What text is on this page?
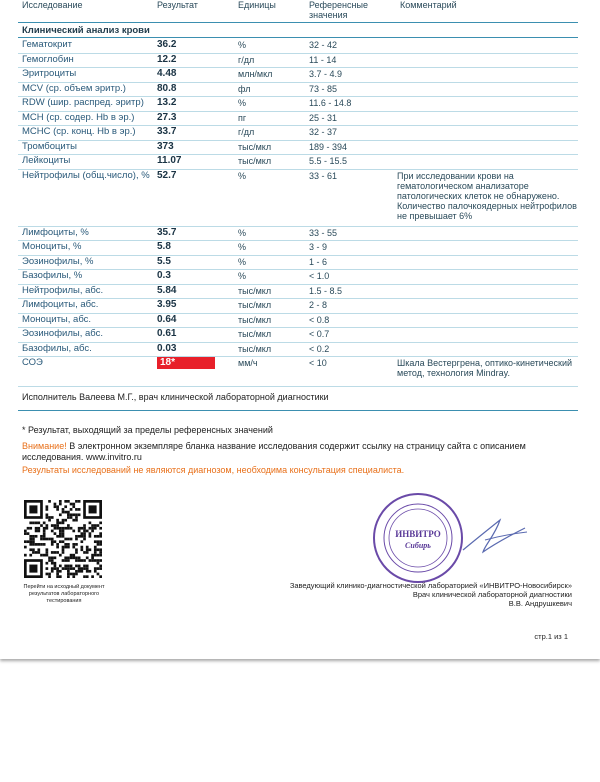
Исследование	Результат	Единицы	Референсные значения
Комментарий
Клинический анализ крови
Гематокрит	36.2	%	32 - 42
Гемоглобин	12.2	г/дл	11 - 14
Эритроциты	4.48	млн/мкл	3.7 - 4.9
MCV (ср. объем эритр.)	80.8	фл	73 - 85
RDW (шир. распред. эритр)	13.2	%	11.6 - 14.8
MCH (ср. содер. Hb в эр.)	27.3	пг	25 - 31
MCHC (ср. конц. Hb в эр.)	33.7	г/дл	32 - 37
Тромбоциты	373	тыс/мкл	189 - 394
Лейкоциты	11.07	тыс/мкл	5.5 - 15.5
Нейтрофилы (общ.число), % 52.7	%	33 - 61	При исследовании крови на гематологическом анализаторе патологических клеток не обнаружено. Количество палочкоядерных нейтрофилов не превышает 6%
Лимфоциты, %	35.7	%	33 - 55
Моноциты, %	5.8	%	3 - 9
Эозинофилы, %	5.5	%	1 - 6
Базофилы, %	0.3	%	< 1.0
Нейтрофилы, абс.	5.84	тыс/мкл	1.5 - 8.5
Лимфоциты, абс.	3.95	тыс/мкл	2 - 8
Моноциты, абс.	0.64	тыс/мкл	< 0.8
Эозинофилы, абс.	0.61	тыс/мкл	< 0.7
Базофилы, абс.	0.03	тыс/мкл	< 0.2
СОЭ	18*	мм/ч	< 10	Шкала Вестергрена, оптико-кинетический метод, технология Mindray.
Исполнитель Валеева М.Г., врач клинической лабораторной диагностики
* Результат, выходящий за пределы референсных значений
Внимание! В электронном экземпляре бланка название исследования содержит ссылку на страницу сайта с описанием исследования. www.invitro.ru
Результаты исследований не являются диагнозом, необходима консультация специалиста.
Перейти на исходный документ результатов лабораторного тестирования
ИНВИТРО
Сибирь
Заведующий клинико-диагностической лабораторией «ИНВИТРО-Новосибирск»
Врач клинической лабораторной диагностики
В.В. Андрушкевич
стр.1 из 1
